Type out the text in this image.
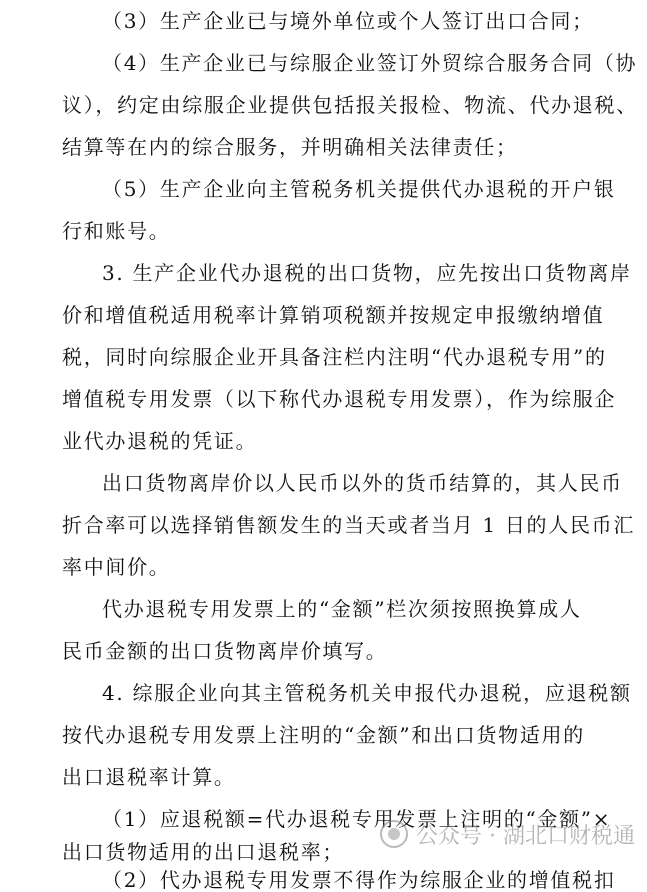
（3）生产企业已与境外单位或个人签订出口合同；
（4）生产企业已与综服企业签订外贸综合服务合同（协
议），约定由综服企业提供包括报关报检、物流、代办退税、
结算等在内的综合服务，并明确相关法律责任；
（5）生产企业向主管税务机关提供代办退税的开户银
行和账号。
3. 生产企业代办退税的出口货物，应先按出口货物离岸
价和增值税适用税率计算销项税额并按规定申报缴纳增值
税，同时向综服企业开具备注栏内注明“代办退税专用”的
增值税专用发票（以下称代办退税专用发票），作为综服企
业代办退税的凭证。
出口货物离岸价以人民币以外的货币结算的，其人民币
折合率可以选择销售额发生的当天或者当月 1 日的人民币汇
率中间价。
代办退税专用发票上的“金额”栏次须按照换算成人
民币金额的出口货物离岸价填写。
4. 综服企业向其主管税务机关申报代办退税，应退税额
按代办退税专用发票上注明的“金额”和出口货物适用的
出口退税率计算。
（1）应退税额=代办退税专用发票上注明的“金额”×
出口货物适用的出口退税率；
（2）代办退税专用发票不得作为综服企业的增值税扣
公众号 · 湖北口财税通
